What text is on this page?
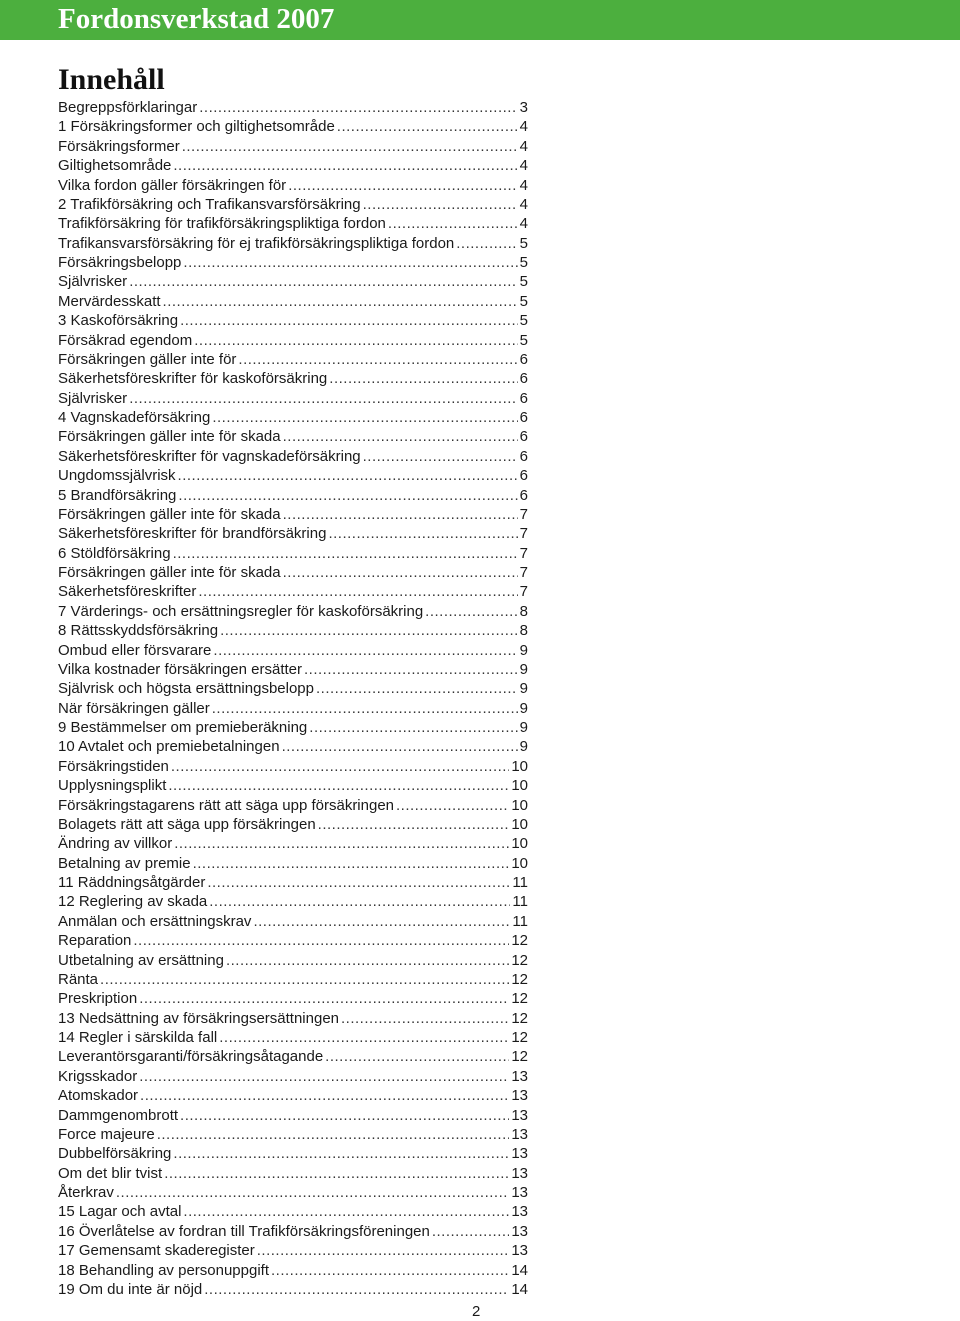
Fordonsverkstad 2007
Innehåll
Begreppsförklaringar .....	3
1 Försäkringsformer och giltighetsområde .....	4
Försäkringsformer .....	4
Giltighetsområde .....	4
Vilka fordon gäller försäkringen för .....	4
2 Trafikförsäkring och Trafikansvarsförsäkring .....	4
Trafikförsäkring för trafikförsäkringspliktiga fordon .....	4
Trafikansvarsförsäkring för ej trafikförsäkringspliktiga fordon .....	5
Försäkringsbelopp .....	5
Självrisker .....	5
Mervärdesskatt .....	5
3 Kaskoförsäkring .....	5
Försäkrad egendom .....	5
Försäkringen gäller inte för .....	6
Säkerhetsföreskrifter för kaskoförsäkring .....	6
Självrisker .....	6
4 Vagnskadeförsäkring .....	6
Försäkringen gäller inte för skada .....	6
Säkerhetsföreskrifter för vagnskadeförsäkring .....	6
Ungdomssjälvrisk .....	6
5 Brandförsäkring .....	6
Försäkringen gäller inte för skada .....	7
Säkerhetsföreskrifter för brandförsäkring .....	7
6 Stöldförsäkring .....	7
Försäkringen gäller inte för skada .....	7
Säkerhetsföreskrifter .....	7
7 Värderings- och ersättningsregler för kaskoförsäkring .....	8
8 Rättsskyddsförsäkring .....	8
Ombud eller försvarare .....	9
Vilka kostnader försäkringen ersätter .....	9
Självrisk och högsta ersättningsbelopp .....	9
När försäkringen gäller .....	9
9 Bestämmelser om premieberäkning .....	9
10 Avtalet och premiebetalningen .....	9
Försäkringstiden .....	10
Upplysningsplikt .....	10
Försäkringstagarens rätt att säga upp försäkringen .....	10
Bolagets rätt att säga upp försäkringen .....	10
Ändring av villkor .....	10
Betalning av premie .....	10
11 Räddningsåtgärder .....	11
12 Reglering av skada .....	11
Anmälan och ersättningskrav .....	11
Reparation .....	12
Utbetalning av ersättning .....	12
Ränta .....	12
Preskription .....	12
13 Nedsättning av försäkringsersättningen .....	12
14 Regler i särskilda fall .....	12
Leverantörsgaranti/försäkringsåtagande .....	12
Krigsskador .....	13
Atomskador .....	13
Dammgenombrott .....	13
Force majeure .....	13
Dubbelförsäkring .....	13
Om det blir tvist .....	13
Återkrav .....	13
15 Lagar och avtal .....	13
16 Överlåtelse av fordran till Trafikförsäkringsföreningen .....	13
17 Gemensamt skaderegister .....	13
18 Behandling av personuppgift .....	14
19 Om du inte är nöjd .....	14
2
